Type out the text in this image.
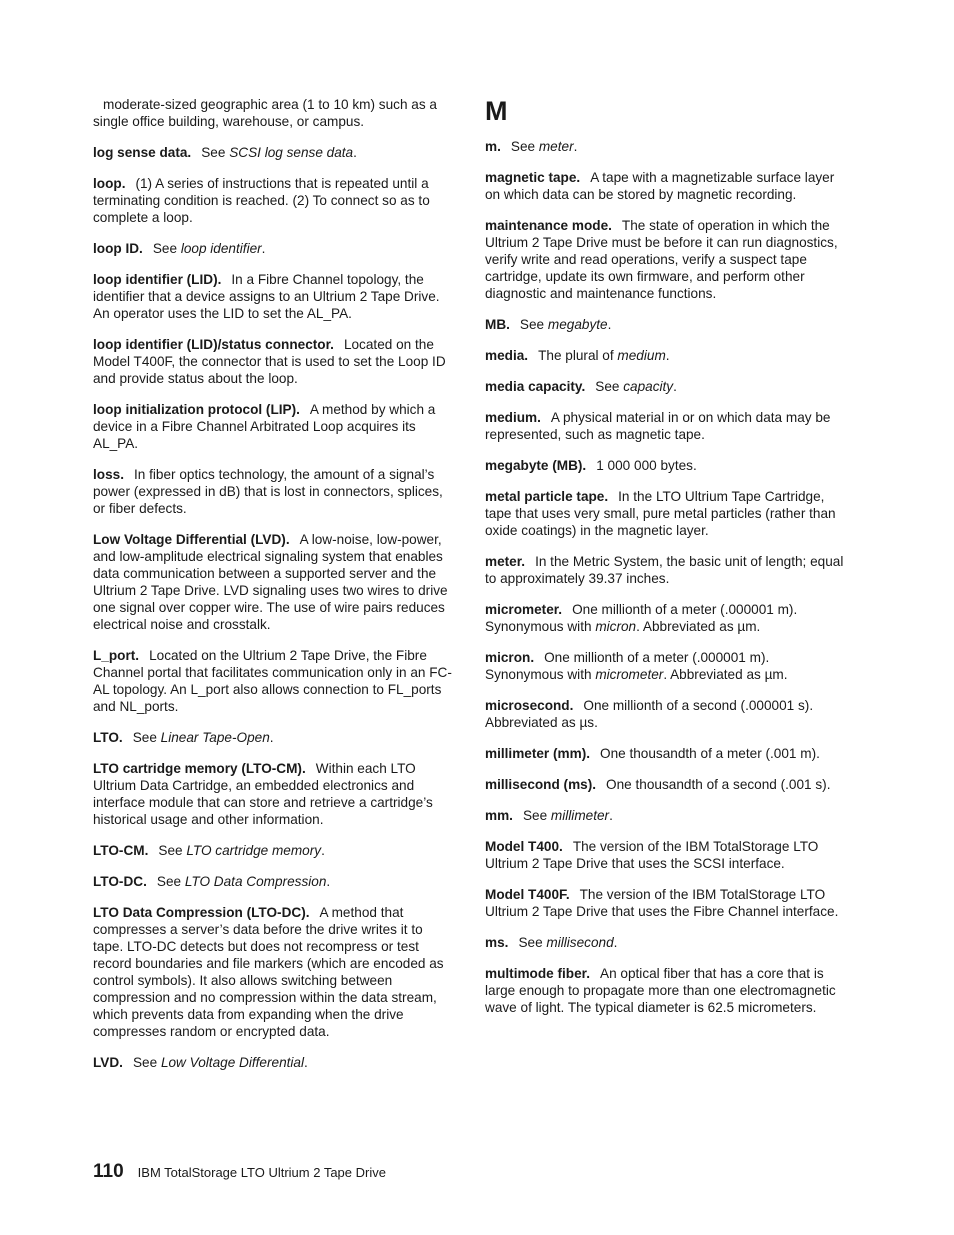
moderate-sized geographic area (1 to 10 km) such as a single office building, warehouse, or campus.
log sense data. See SCSI log sense data.
loop. (1) A series of instructions that is repeated until a terminating condition is reached. (2) To connect so as to complete a loop.
loop ID. See loop identifier.
loop identifier (LID). In a Fibre Channel topology, the identifier that a device assigns to an Ultrium 2 Tape Drive. An operator uses the LID to set the AL_PA.
loop identifier (LID)/status connector. Located on the Model T400F, the connector that is used to set the Loop ID and provide status about the loop.
loop initialization protocol (LIP). A method by which a device in a Fibre Channel Arbitrated Loop acquires its AL_PA.
loss. In fiber optics technology, the amount of a signal’s power (expressed in dB) that is lost in connectors, splices, or fiber defects.
Low Voltage Differential (LVD). A low-noise, low-power, and low-amplitude electrical signaling system that enables data communication between a supported server and the Ultrium 2 Tape Drive. LVD signaling uses two wires to drive one signal over copper wire. The use of wire pairs reduces electrical noise and crosstalk.
L_port. Located on the Ultrium 2 Tape Drive, the Fibre Channel portal that facilitates communication only in an FC-AL topology. An L_port also allows connection to FL_ports and NL_ports.
LTO. See Linear Tape-Open.
LTO cartridge memory (LTO-CM). Within each LTO Ultrium Data Cartridge, an embedded electronics and interface module that can store and retrieve a cartridge’s historical usage and other information.
LTO-CM. See LTO cartridge memory.
LTO-DC. See LTO Data Compression.
LTO Data Compression (LTO-DC). A method that compresses a server’s data before the drive writes it to tape. LTO-DC detects but does not recompress or test record boundaries and file markers (which are encoded as control symbols). It also allows switching between compression and no compression within the data stream, which prevents data from expanding when the drive compresses random or encrypted data.
LVD. See Low Voltage Differential.
M
m. See meter.
magnetic tape. A tape with a magnetizable surface layer on which data can be stored by magnetic recording.
maintenance mode. The state of operation in which the Ultrium 2 Tape Drive must be before it can run diagnostics, verify write and read operations, verify a suspect tape cartridge, update its own firmware, and perform other diagnostic and maintenance functions.
MB. See megabyte.
media. The plural of medium.
media capacity. See capacity.
medium. A physical material in or on which data may be represented, such as magnetic tape.
megabyte (MB). 1 000 000 bytes.
metal particle tape. In the LTO Ultrium Tape Cartridge, tape that uses very small, pure metal particles (rather than oxide coatings) in the magnetic layer.
meter. In the Metric System, the basic unit of length; equal to approximately 39.37 inches.
micrometer. One millionth of a meter (.000001 m). Synonymous with micron. Abbreviated as µm.
micron. One millionth of a meter (.000001 m). Synonymous with micrometer. Abbreviated as µm.
microsecond. One millionth of a second (.000001 s). Abbreviated as µs.
millimeter (mm). One thousandth of a meter (.001 m).
millisecond (ms). One thousandth of a second (.001 s).
mm. See millimeter.
Model T400. The version of the IBM TotalStorage LTO Ultrium 2 Tape Drive that uses the SCSI interface.
Model T400F. The version of the IBM TotalStorage LTO Ultrium 2 Tape Drive that uses the Fibre Channel interface.
ms. See millisecond.
multimode fiber. An optical fiber that has a core that is large enough to propagate more than one electromagnetic wave of light. The typical diameter is 62.5 micrometers.
110 IBM TotalStorage LTO Ultrium 2 Tape Drive
